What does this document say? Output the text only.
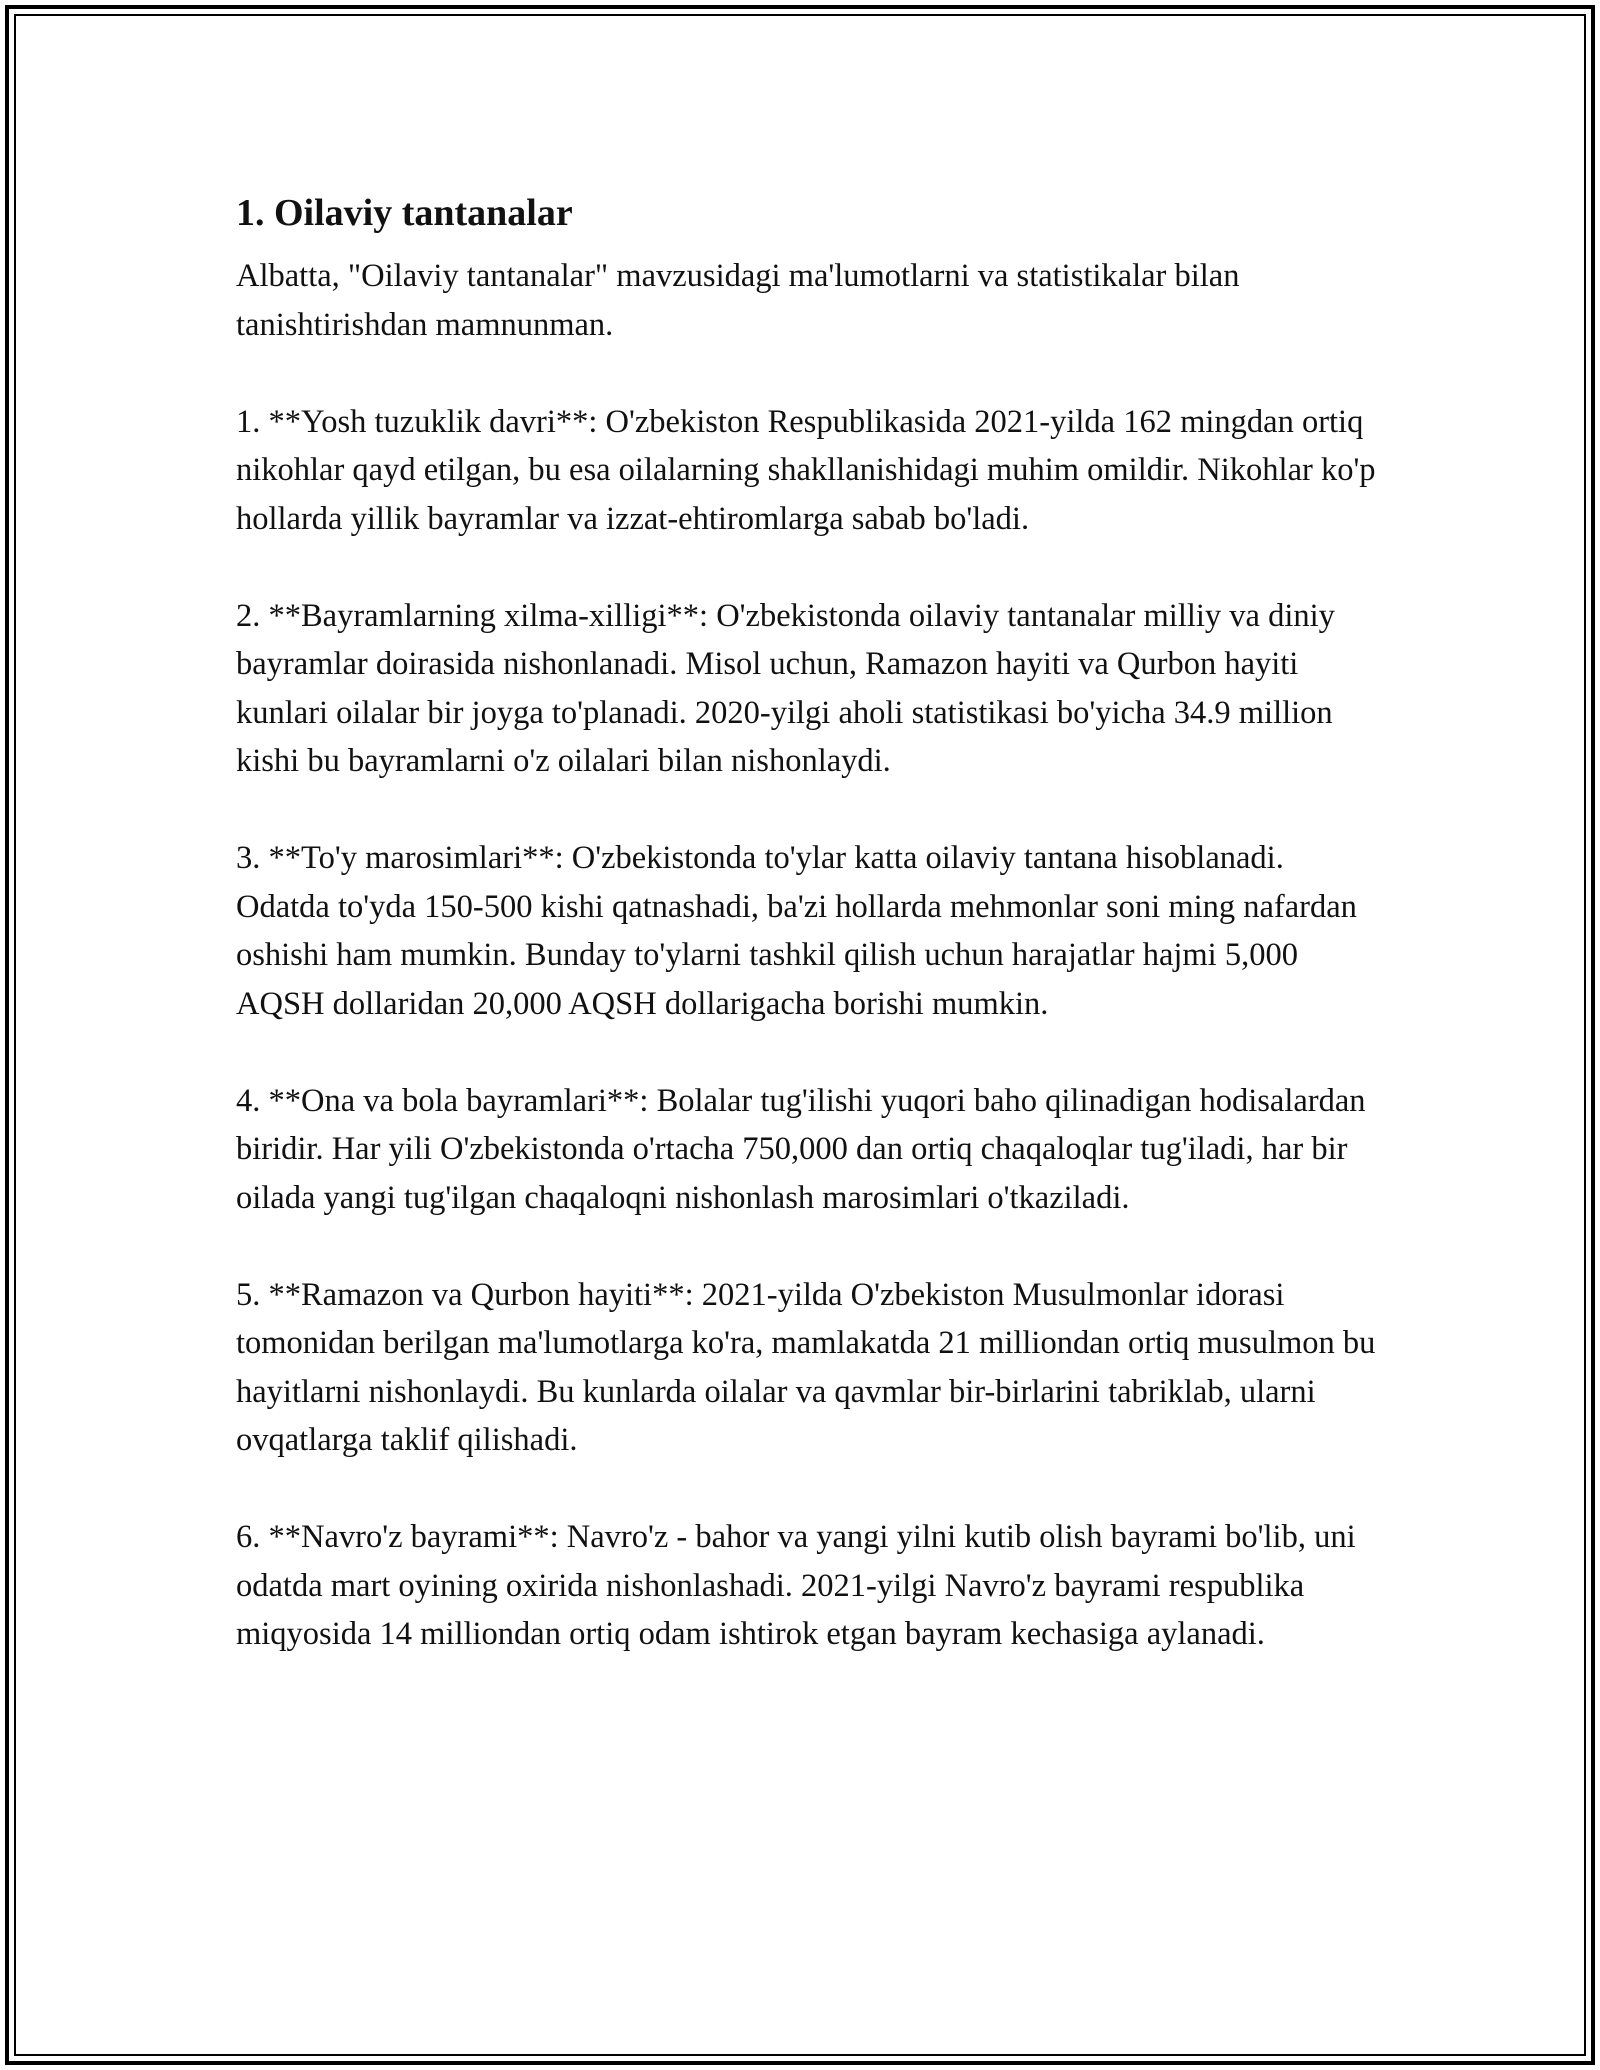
1. Oilaviy tantanalar

Albatta, "Oilaviy tantanalar" mavzusidagi ma'lumotlarni va statistikalar bilan tanishtirishdan mamnunman.

1. **Yosh tuzuklik davri**: O'zbekiston Respublikasida 2021-yilda 162 mingdan ortiq nikohlar qayd etilgan, bu esa oilalarning shakllanishidagi muhim omildir. Nikohlar ko'p hollarda yillik bayramlar va izzat-ehtiromlarga sabab bo'ladi.

2. **Bayramlarning xilma-xilligi**: O'zbekistonda oilaviy tantanalar milliy va diniy bayramlar doirasida nishonlanadi. Misol uchun, Ramazon hayiti va Qurbon hayiti kunlari oilalar bir joyga to'planadi. 2020-yilgi aholi statistikasi bo'yicha 34.9 million kishi bu bayramlarni o'z oilalari bilan nishonlaydi.

3. **To'y marosimlari**: O'zbekistonda to'ylar katta oilaviy tantana hisoblanadi. Odatda to'yda 150-500 kishi qatnashadi, ba'zi hollarda mehmonlar soni ming nafardan oshishi ham mumkin. Bunday to'ylarni tashkil qilish uchun harajatlar hajmi 5,000 AQSH dollaridan 20,000 AQSH dollarigacha borishi mumkin.

4. **Ona va bola bayramlari**: Bolalar tug'ilishi yuqori baho qilinadigan hodisalardan biridir. Har yili O'zbekistonda o'rtacha 750,000 dan ortiq chaqaloqlar tug'iladi, har bir oilada yangi tug'ilgan chaqaloqni nishonlash marosimlari o'tkaziladi.

5. **Ramazon va Qurbon hayiti**: 2021-yilda O'zbekiston Musulmonlar idorasi tomonidan berilgan ma'lumotlarga ko'ra, mamlakatda 21 milliondan ortiq musulmon bu hayitlarni nishonlaydi. Bu kunlarda oilalar va qavmlar bir-birlarini tabriklab, ularni ovqatlarga taklif qilishadi.

6. **Navro'z bayrami**: Navro'z - bahor va yangi yilni kutib olish bayrami bo'lib, uni odatda mart oyining oxirida nishonlashadi. 2021-yilgi Navro'z bayrami respublika miqyosida 14 milliondan ortiq odam ishtirok etgan bayram kechasiga aylanadi.
